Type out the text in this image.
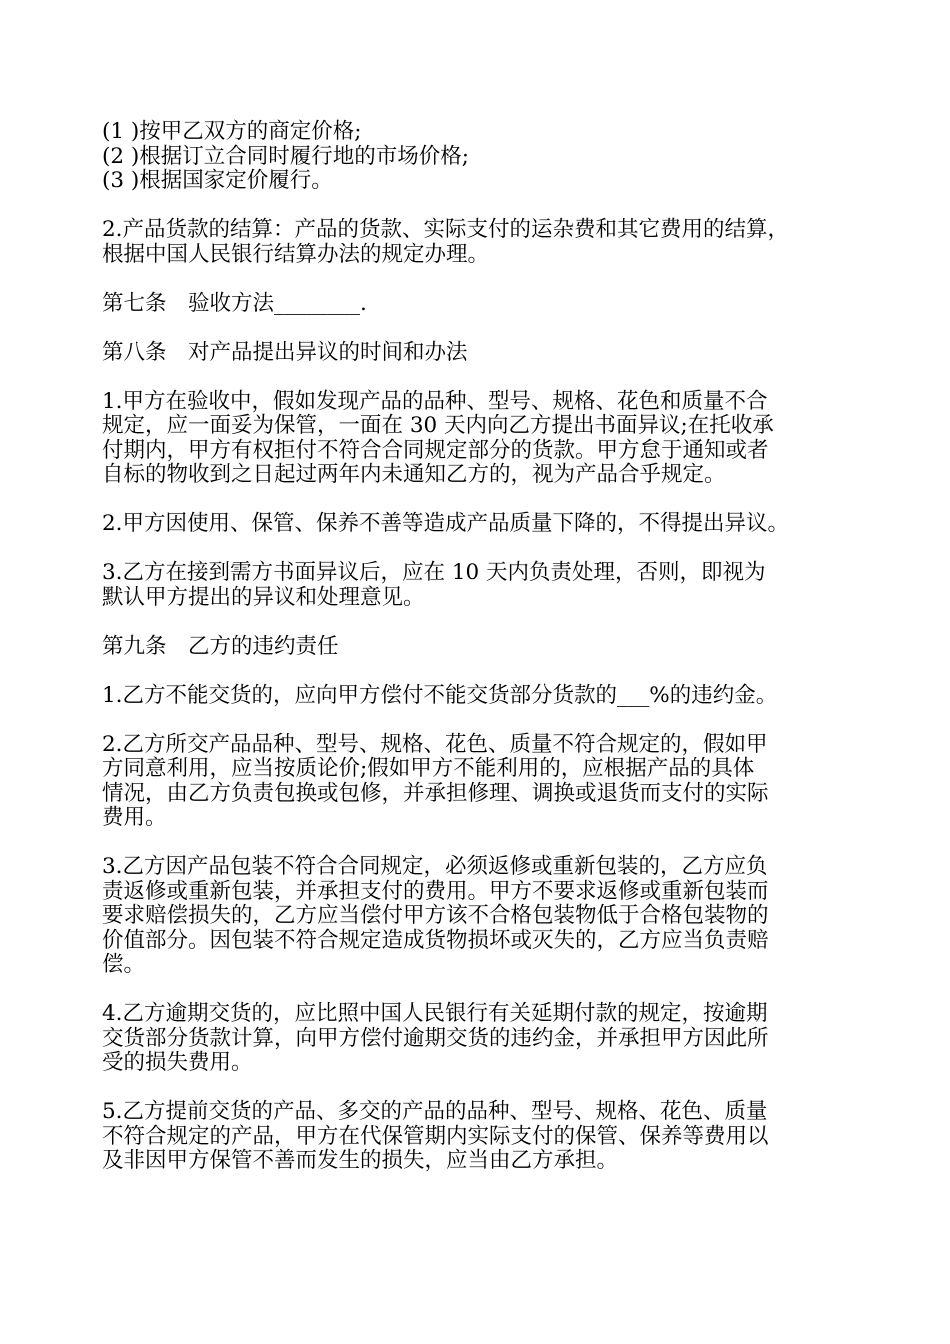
(1 )按甲乙双方的商定价格;
(2 )根据订立合同时履行地的市场价格;
(3 )根据国家定价履行。
2.产品货款的结算：产品的货款、实际支付的运杂费和其它费用的结算，
根据中国人民银行结算办法的规定办理。
第七条　验收方法________.
第八条　对产品提出异议的时间和办法
1.甲方在验收中，假如发现产品的品种、型号、规格、花色和质量不合
规定，应一面妥为保管，一面在 30 天内向乙方提出书面异议;在托收承
付期内，甲方有权拒付不符合合同规定部分的货款。甲方怠于通知或者
自标的物收到之日起过两年内未通知乙方的，视为产品合乎规定。
2.甲方因使用、保管、保养不善等造成产品质量下降的，不得提出异议。
3.乙方在接到需方书面异议后，应在 10 天内负责处理，否则，即视为
默认甲方提出的异议和处理意见。
第九条　乙方的违约责任
1.乙方不能交货的，应向甲方偿付不能交货部分货款的___%的违约金。
2.乙方所交产品品种、型号、规格、花色、质量不符合规定的，假如甲
方同意利用，应当按质论价;假如甲方不能利用的，应根据产品的具体
情况，由乙方负责包换或包修，并承担修理、调换或退货而支付的实际
费用。
3.乙方因产品包装不符合合同规定，必须返修或重新包装的，乙方应负
责返修或重新包装，并承担支付的费用。甲方不要求返修或重新包装而
要求赔偿损失的，乙方应当偿付甲方该不合格包装物低于合格包装物的
价值部分。因包装不符合规定造成货物损坏或灭失的，乙方应当负责赔
偿。
4.乙方逾期交货的，应比照中国人民银行有关延期付款的规定，按逾期
交货部分货款计算，向甲方偿付逾期交货的违约金，并承担甲方因此所
受的损失费用。
5.乙方提前交货的产品、多交的产品的品种、型号、规格、花色、质量
不符合规定的产品，甲方在代保管期内实际支付的保管、保养等费用以
及非因甲方保管不善而发生的损失，应当由乙方承担。
